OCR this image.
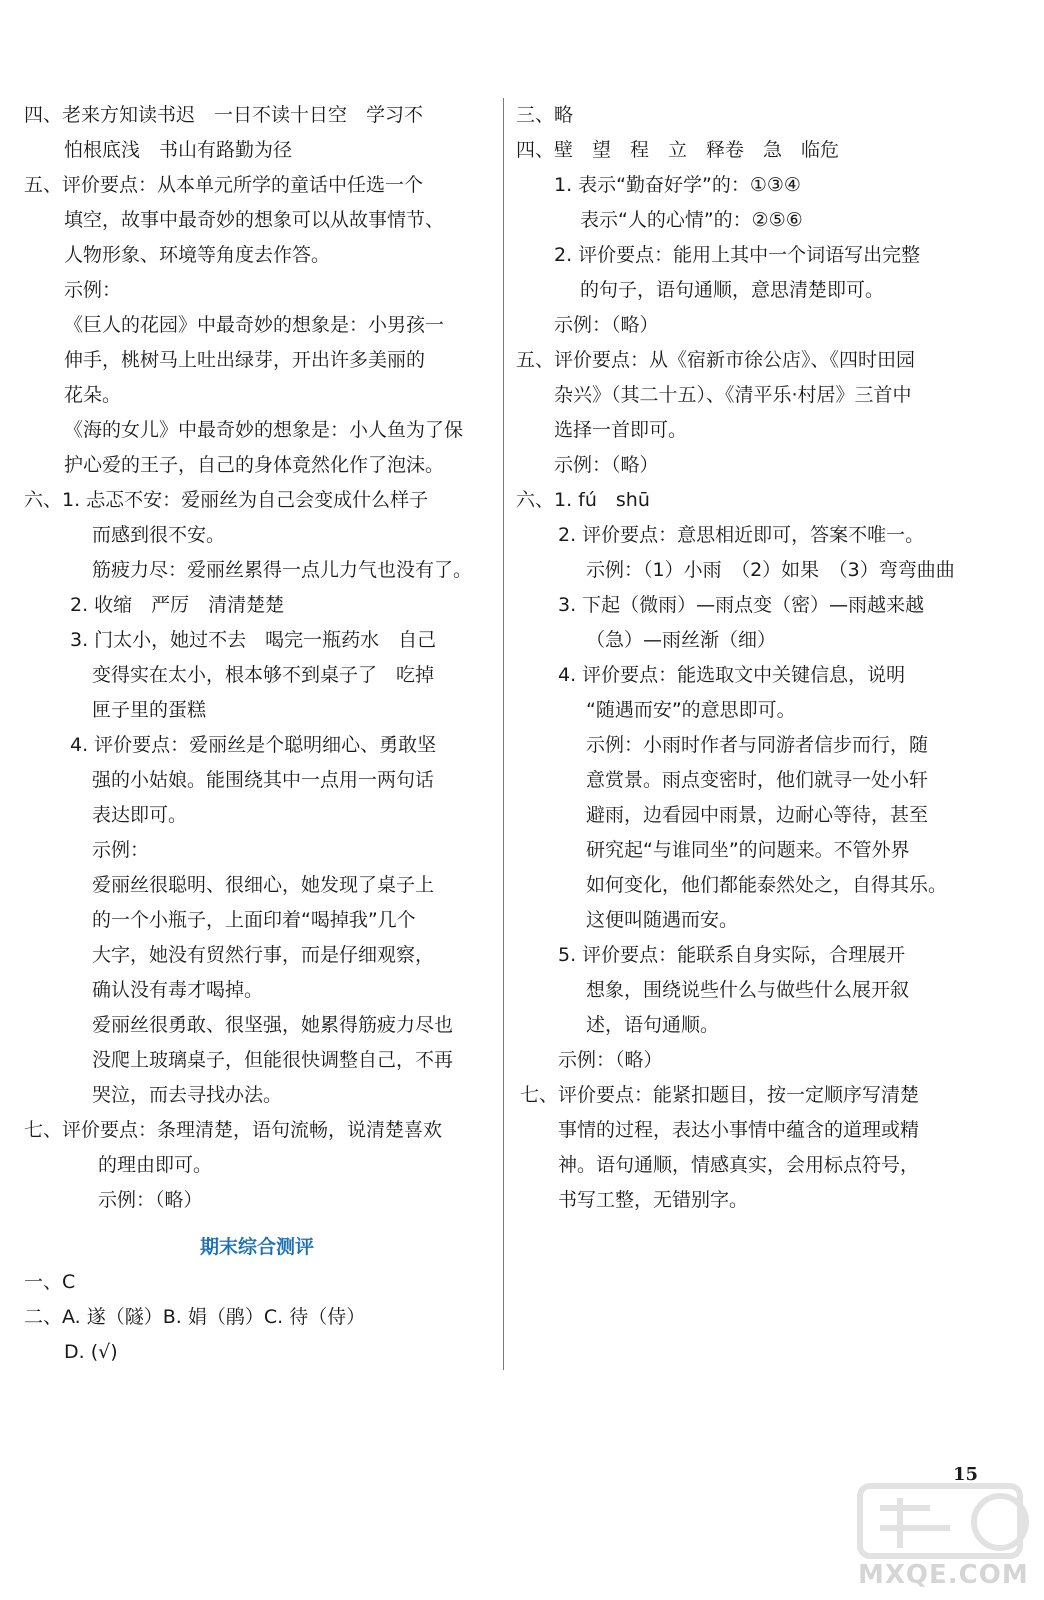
四、老来方知读书迟　一日不读十日空　学习不
怕根底浅　书山有路勤为径
五、评价要点：从本单元所学的童话中任选一个
填空，故事中最奇妙的想象可以从故事情节、
人物形象、环境等角度去作答。
示例：
《巨人的花园》中最奇妙的想象是：小男孩一
伸手，桃树马上吐出绿芽，开出许多美丽的
花朵。
《海的女儿》中最奇妙的想象是：小人鱼为了保
护心爱的王子，自己的身体竟然化作了泡沫。
六、1. 忐忑不安：爱丽丝为自己会变成什么样子
而感到很不安。
筋疲力尽：爱丽丝累得一点儿力气也没有了。
2. 收缩　严厉　清清楚楚
3. 门太小，她过不去　喝完一瓶药水　自己
变得实在太小，根本够不到桌子了　吃掉
匣子里的蛋糕
4. 评价要点：爱丽丝是个聪明细心、勇敢坚
强的小姑娘。能围绕其中一点用一两句话
表达即可。
示例：
爱丽丝很聪明、很细心，她发现了桌子上
的一个小瓶子，上面印着“喝掉我”几个
大字，她没有贸然行事，而是仔细观察，
确认没有毒才喝掉。
爱丽丝很勇敢、很坚强，她累得筋疲力尽也
没爬上玻璃桌子，但能很快调整自己，不再
哭泣，而去寻找办法。
七、评价要点：条理清楚，语句流畅，说清楚喜欢
的理由即可。
示例：（略）
期末综合测评
一、C
二、A. 遂（隧）B. 娟（鹃）C. 待（侍）
D. (√)
三、略
四、壁　望　程　立　释卷　急　临危
1. 表示“勤奋好学”的：①③④
表示“人的心情”的：②⑤⑥
2. 评价要点：能用上其中一个词语写出完整
的句子，语句通顺，意思清楚即可。
示例：（略）
五、评价要点：从《宿新市徐公店》、《四时田园
杂兴》（其二十五）、《清平乐·村居》三首中
选择一首即可。
示例：（略）
六、1. fú　shū
2. 评价要点：意思相近即可，答案不唯一。
示例：（1）小雨　（2）如果　（3）弯弯曲曲
3. 下起（微雨）—雨点变（密）—雨越来越
（急）—雨丝渐（细）
4. 评价要点：能选取文中关键信息，说明
“随遇而安”的意思即可。
示例：小雨时作者与同游者信步而行，随
意赏景。雨点变密时，他们就寻一处小轩
避雨，边看园中雨景，边耐心等待，甚至
研究起“与谁同坐”的问题来。不管外界
如何变化，他们都能泰然处之，自得其乐。
这便叫随遇而安。
5. 评价要点：能联系自身实际，合理展开
想象，围绕说些什么与做些什么展开叙
述，语句通顺。
示例：（略）
七、评价要点：能紧扣题目，按一定顺序写清楚
事情的过程，表达小事情中蕴含的道理或精
神。语句通顺，情感真实，会用标点符号，
书写工整，无错别字。
15
MXQE.COM
